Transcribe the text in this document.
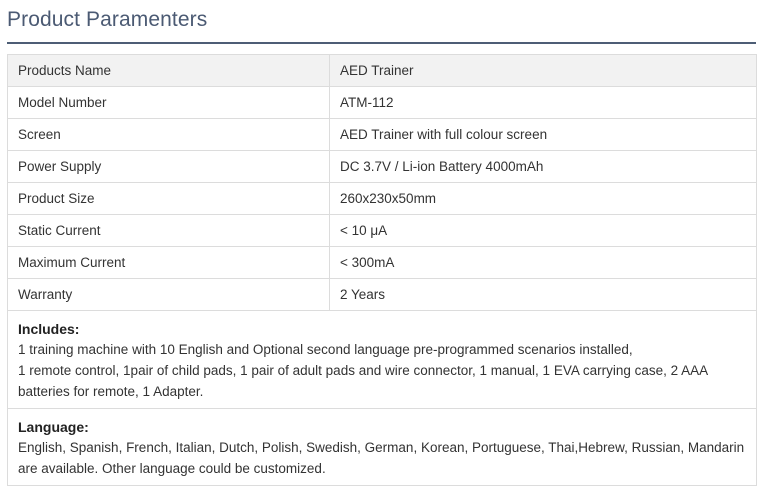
Product Paramenters
Products Name	AED Trainer
Model Number	ATM-112
Screen	AED Trainer with full colour screen
Power Supply	DC 3.7V / Li-ion Battery 4000mAh
Product Size	260x230x50mm
Static Current	< 10 μA
Maximum Current	< 300mA
Warranty	2 Years

Includes:
1 training machine with 10 English and Optional second language pre-programmed scenarios installed,
1 remote control, 1pair of child pads, 1 pair of adult pads and wire connector, 1 manual, 1 EVA carrying case, 2 AAA batteries for remote, 1 Adapter.	

Language:
English, Spanish, French, Italian, Dutch, Polish, Swedish, German, Korean, Portuguese, Thai,Hebrew, Russian, Mandarin are available. Other language could be customized.	
